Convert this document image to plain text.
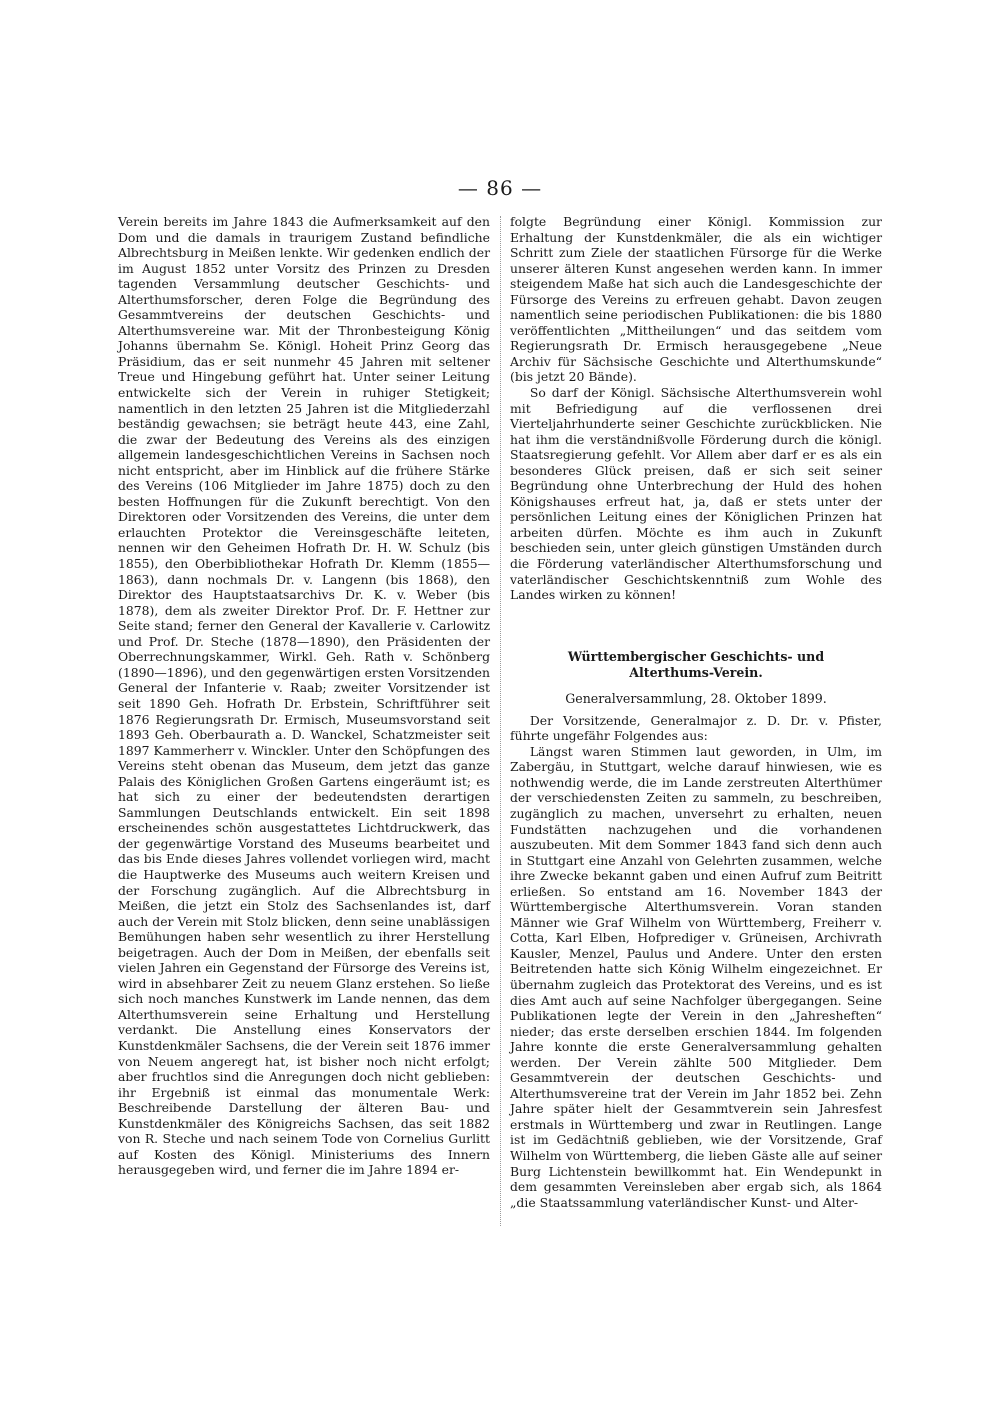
— 86 —

Verein bereits im Jahre 1843 die Aufmerksamkeit auf den Dom und die damals in traurigem Zustand befindliche Albrechtsburg in Meißen lenkte. Wir gedenken endlich der im August 1852 unter Vorsitz des Prinzen zu Dresden tagenden Versammlung deutscher Geschichts- und Alterthumsforscher, deren Folge die Begründung des Gesammtvereins der deutschen Geschichts- und Alterthumsvereine war. Mit der Thronbesteigung König Johanns übernahm Se. Königl. Hoheit Prinz Georg das Präsidium, das er seit nunmehr 45 Jahren mit seltener Treue und Hingebung geführt hat. Unter seiner Leitung entwickelte sich der Verein in ruhiger Stetigkeit; namentlich in den letzten 25 Jahren ist die Mitgliederzahl beständig gewachsen; sie beträgt heute 443, eine Zahl, die zwar der Bedeutung des Vereins als des einzigen allgemein landesgeschichtlichen Vereins in Sachsen noch nicht entspricht, aber im Hinblick auf die frühere Stärke des Vereins (106 Mitglieder im Jahre 1875) doch zu den besten Hoffnungen für die Zukunft berechtigt. Von den Direktoren oder Vorsitzenden des Vereins, die unter dem erlauchten Protektor die Vereinsgeschäfte leiteten, nennen wir den Geheimen Hofrath Dr. H. W. Schulz (bis 1855), den Oberbibliothekar Hofrath Dr. Klemm (1855—1863), dann nochmals Dr. v. Langenn (bis 1868), den Direktor des Hauptstaatsarchivs Dr. K. v. Weber (bis 1878), dem als zweiter Direktor Prof. Dr. F. Hettner zur Seite stand; ferner den General der Kavallerie v. Carlowitz und Prof. Dr. Steche (1878—1890), den Präsidenten der Oberrechnungskammer, Wirkl. Geh. Rath v. Schönberg (1890—1896), und den gegenwärtigen ersten Vorsitzenden General der Infanterie v. Raab; zweiter Vorsitzender ist seit 1890 Geh. Hofrath Dr. Erbstein, Schriftführer seit 1876 Regierungsrath Dr. Ermisch, Museumsvorstand seit 1893 Geh. Oberbaurath a. D. Wanckel, Schatzmeister seit 1897 Kammerherr v. Winckler. Unter den Schöpfungen des Vereins steht obenan das Museum, dem jetzt das ganze Palais des Königlichen Großen Gartens eingeräumt ist; es hat sich zu einer der bedeutendsten derartigen Sammlungen Deutschlands entwickelt. Ein seit 1898 erscheinendes schön ausgestattetes Lichtdruckwerk, das der gegenwärtige Vorstand des Museums bearbeitet und das bis Ende dieses Jahres vollendet vorliegen wird, macht die Hauptwerke des Museums auch weitern Kreisen und der Forschung zugänglich. Auf die Albrechtsburg in Meißen, die jetzt ein Stolz des Sachsenlandes ist, darf auch der Verein mit Stolz blicken, denn seine unablässigen Bemühungen haben sehr wesentlich zu ihrer Herstellung beigetragen. Auch der Dom in Meißen, der ebenfalls seit vielen Jahren ein Gegenstand der Fürsorge des Vereins ist, wird in absehbarer Zeit zu neuem Glanz erstehen. So ließe sich noch manches Kunstwerk im Lande nennen, das dem Alterthumsverein seine Erhaltung und Herstellung verdankt. Die Anstellung eines Konservators der Kunstdenkmäler Sachsens, die der Verein seit 1876 immer von Neuem angeregt hat, ist bisher noch nicht erfolgt; aber fruchtlos sind die Anregungen doch nicht geblieben: ihr Ergebniß ist einmal das monumentale Werk: Beschreibende Darstellung der älteren Bau- und Kunstdenkmäler des Königreichs Sachsen, das seit 1882 von R. Steche und nach seinem Tode von Cornelius Gurlitt auf Kosten des Königl. Ministeriums des Innern herausgegeben wird, und ferner die im Jahre 1894 er-

folgte Begründung einer Königl. Kommission zur Erhaltung der Kunstdenkmäler, die als ein wichtiger Schritt zum Ziele der staatlichen Fürsorge für die Werke unserer älteren Kunst angesehen werden kann. In immer steigendem Maße hat sich auch die Landesgeschichte der Fürsorge des Vereins zu erfreuen gehabt. Davon zeugen namentlich seine periodischen Publikationen: die bis 1880 veröffentlichten „Mittheilungen“ und das seitdem vom Regierungsrath Dr. Ermisch herausgegebene „Neue Archiv für Sächsische Geschichte und Alterthumskunde“ (bis jetzt 20 Bände).

So darf der Königl. Sächsische Alterthumsverein wohl mit Befriedigung auf die verflossenen drei Vierteljahrhunderte seiner Geschichte zurückblicken. Nie hat ihm die verständnißvolle Förderung durch die königl. Staatsregierung gefehlt. Vor Allem aber darf er es als ein besonderes Glück preisen, daß er sich seit seiner Begründung ohne Unterbrechung der Huld des hohen Königshauses erfreut hat, ja, daß er stets unter der persönlichen Leitung eines der Königlichen Prinzen hat arbeiten dürfen. Möchte es ihm auch in Zukunft beschieden sein, unter gleich günstigen Umständen durch die Förderung vaterländischer Alterthumsforschung und vaterländischer Geschichtskenntniß zum Wohle des Landes wirken zu können!

Württembergischer Geschichts- und Alterthums-Verein.
Generalversammlung, 28. Oktober 1899.

Der Vorsitzende, Generalmajor z. D. Dr. v. Pfister, führte ungefähr Folgendes aus:

Längst waren Stimmen laut geworden, in Ulm, im Zabergäu, in Stuttgart, welche darauf hinwiesen, wie es nothwendig werde, die im Lande zerstreuten Alterthümer der verschiedensten Zeiten zu sammeln, zu beschreiben, zugänglich zu machen, unversehrt zu erhalten, neuen Fundstätten nachzugehen und die vorhandenen auszubeuten. Mit dem Sommer 1843 fand sich denn auch in Stuttgart eine Anzahl von Gelehrten zusammen, welche ihre Zwecke bekannt gaben und einen Aufruf zum Beitritt erließen. So entstand am 16. November 1843 der Württembergische Alterthumsverein. Voran standen Männer wie Graf Wilhelm von Württemberg, Freiherr v. Cotta, Karl Elben, Hofprediger v. Grüneisen, Archivrath Kausler, Menzel, Paulus und Andere. Unter den ersten Beitretenden hatte sich König Wilhelm eingezeichnet. Er übernahm zugleich das Protektorat des Vereins, und es ist dies Amt auch auf seine Nachfolger übergegangen. Seine Publikationen legte der Verein in den „Jahresheften“ nieder; das erste derselben erschien 1844. Im folgenden Jahre konnte die erste Generalversammlung gehalten werden. Der Verein zählte 500 Mitglieder. Dem Gesammtverein der deutschen Geschichts- und Alterthumsvereine trat der Verein im Jahr 1852 bei. Zehn Jahre später hielt der Gesammtverein sein Jahresfest erstmals in Württemberg und zwar in Reutlingen. Lange ist im Gedächtniß geblieben, wie der Vorsitzende, Graf Wilhelm von Württemberg, die lieben Gäste alle auf seiner Burg Lichtenstein bewillkommt hat. Ein Wendepunkt in dem gesammten Vereinsleben aber ergab sich, als 1864 „die Staatssammlung vaterländischer Kunst- und Alter-
